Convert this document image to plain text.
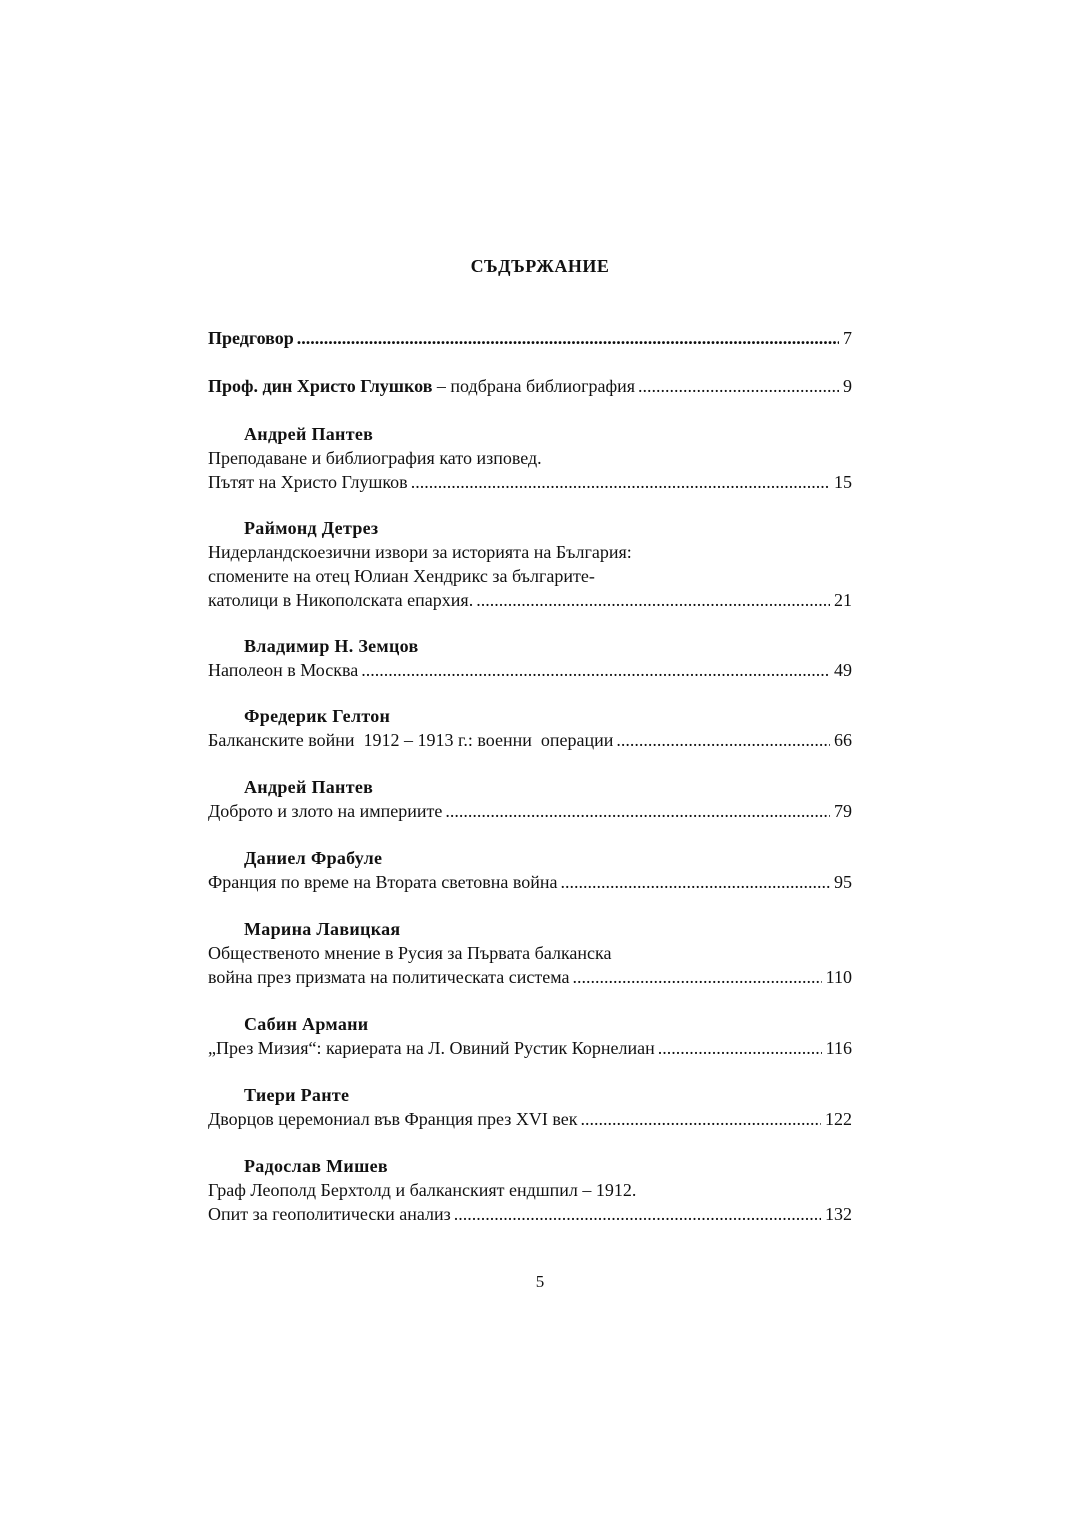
СЪДЪРЖАНИЕ
Предговор .....	7
Проф. дин Христо Глушков – подбрана библиография .....	9
Андрей Пантев
Преподаване и библиография като изповед.
Пътят на Христо Глушков .....	15
Раймонд Детрез
Нидерландскоезични извори за историята на България:
спомените на отец Юлиан Хендрикс за българите-
католици в Никополската епархия. .....	21
Владимир Н. Земцов
Наполеон в Москва .....	49
Фредерик Гелтон
Балканските войни  1912 – 1913 г.: военни  операции .....	66
Андрей Пантев
Доброто и злото на империите .....	79
Даниел Фрабуле
Франция по време на Втората световна война .....	95
Марина Лавицкая
Общественото мнение в Русия за Първата балканска
война през призмата на политическата система .....	110
Сабин Армани
„През Мизия“: кариерата на Л. Овиний Рустик Корнелиан .....	116
Тиери Ранте
Дворцов церемониал във Франция през XVI век .....	122
Радослав Мишев
Граф Леополд Берхтолд и балканският ендшпил – 1912.
Опит за геополитически анализ .....	132
5
